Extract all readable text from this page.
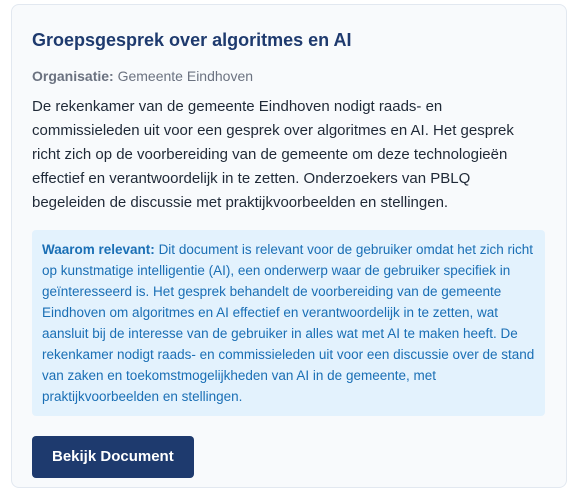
Groepsgesprek over algoritmes en AI
Organisatie: Gemeente Eindhoven

De rekenkamer van de gemeente Eindhoven nodigt raads- en commissieleden uit voor een gesprek over algoritmes en AI. Het gesprek richt zich op de voorbereiding van de gemeente om deze technologieën effectief en verantwoordelijk in te zetten. Onderzoekers van PBLQ begeleiden de discussie met praktijkvoorbeelden en stellingen.

Waarom relevant: Dit document is relevant voor de gebruiker omdat het zich richt op kunstmatige intelligentie (AI), een onderwerp waar de gebruiker specifiek in geïnteresseerd is. Het gesprek behandelt de voorbereiding van de gemeente Eindhoven om algoritmes en AI effectief en verantwoordelijk in te zetten, wat aansluit bij de interesse van de gebruiker in alles wat met AI te maken heeft. De rekenkamer nodigt raads- en commissieleden uit voor een discussie over de stand van zaken en toekomstmogelijkheden van AI in de gemeente, met praktijkvoorbeelden en stellingen.
Bekijk Document
